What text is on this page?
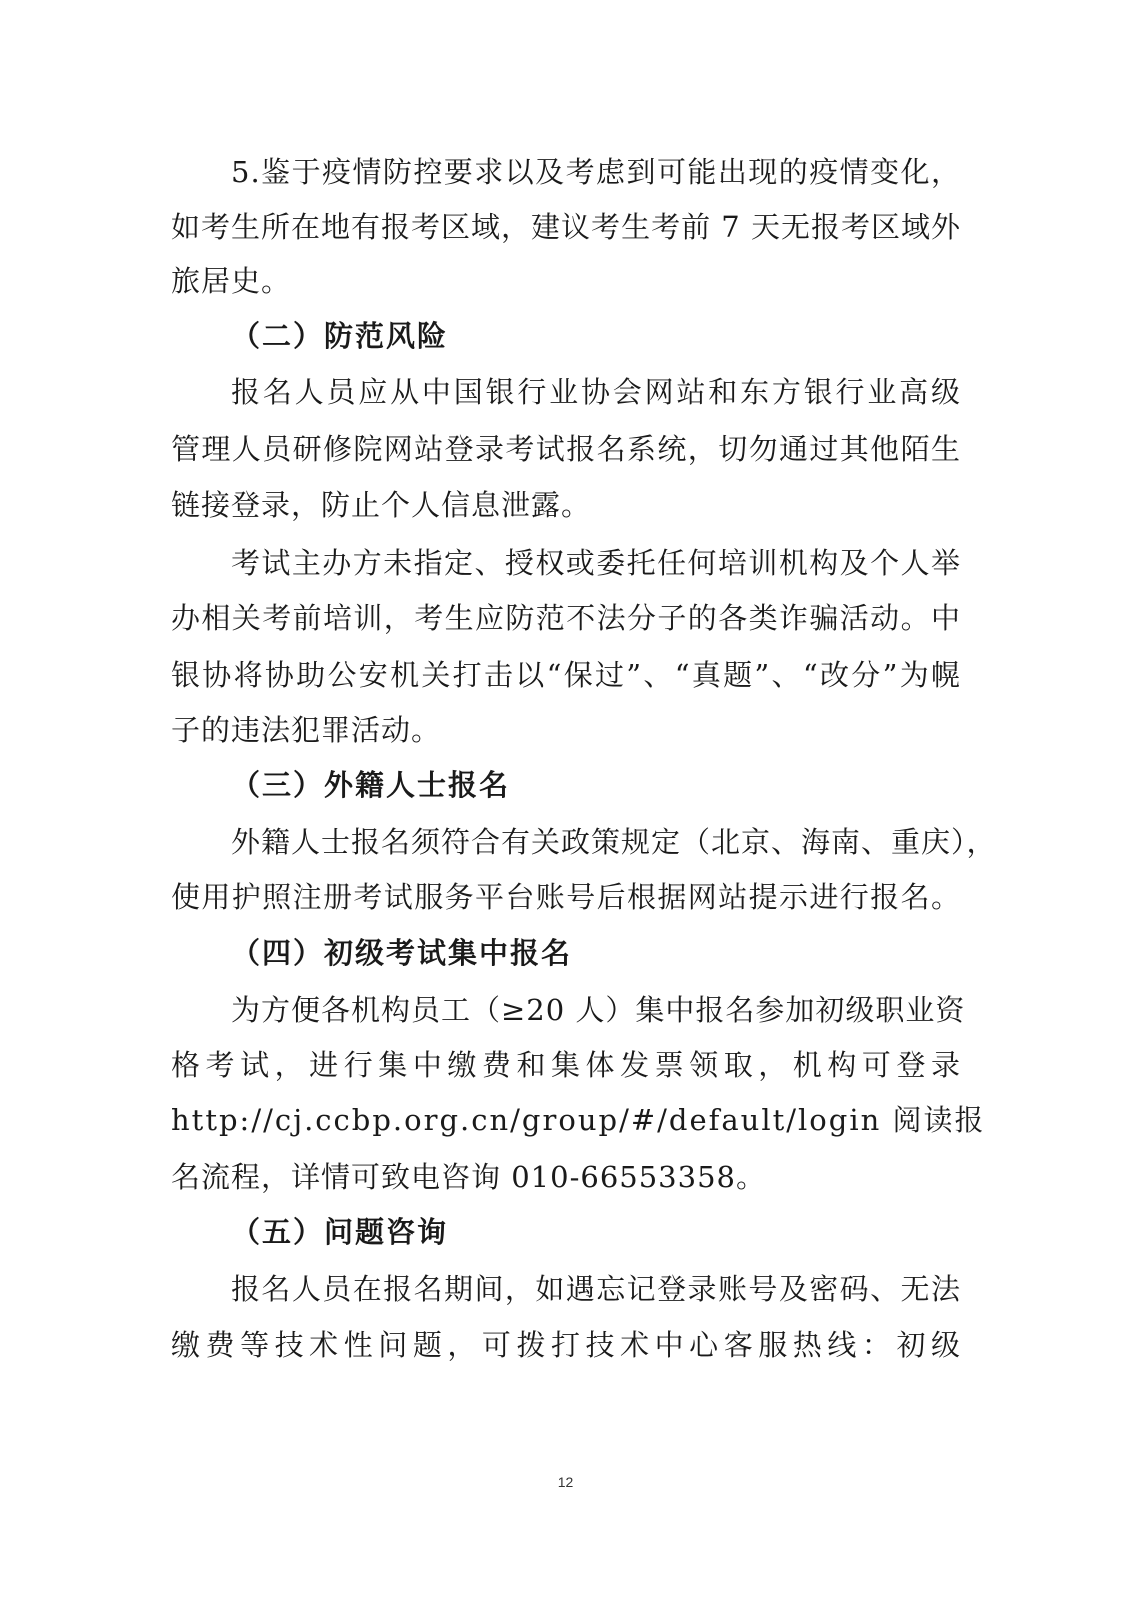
5.鉴于疫情防控要求以及考虑到可能出现的疫情变化，
如考生所在地有报考区域，建议考生考前 7 天无报考区域外
旅居史。
（二）防范风险
报名人员应从中国银行业协会网站和东方银行业高级
管理人员研修院网站登录考试报名系统，切勿通过其他陌生
链接登录，防止个人信息泄露。
考试主办方未指定、授权或委托任何培训机构及个人举
办相关考前培训，考生应防范不法分子的各类诈骗活动。中
银协将协助公安机关打击以“保过”、“真题”、“改分”为幌
子的违法犯罪活动。
（三）外籍人士报名
外籍人士报名须符合有关政策规定（北京、海南、重庆），
使用护照注册考试服务平台账号后根据网站提示进行报名。
（四）初级考试集中报名
为方便各机构员工（≥20 人）集中报名参加初级职业资
格考试，进行集中缴费和集体发票领取，机构可登录
http://cj.ccbp.org.cn/group/#/default/login 阅读报
名流程，详情可致电咨询 010-66553358。
（五）问题咨询
报名人员在报名期间，如遇忘记登录账号及密码、无法
缴费等技术性问题，可拨打技术中心客服热线：初级
12
